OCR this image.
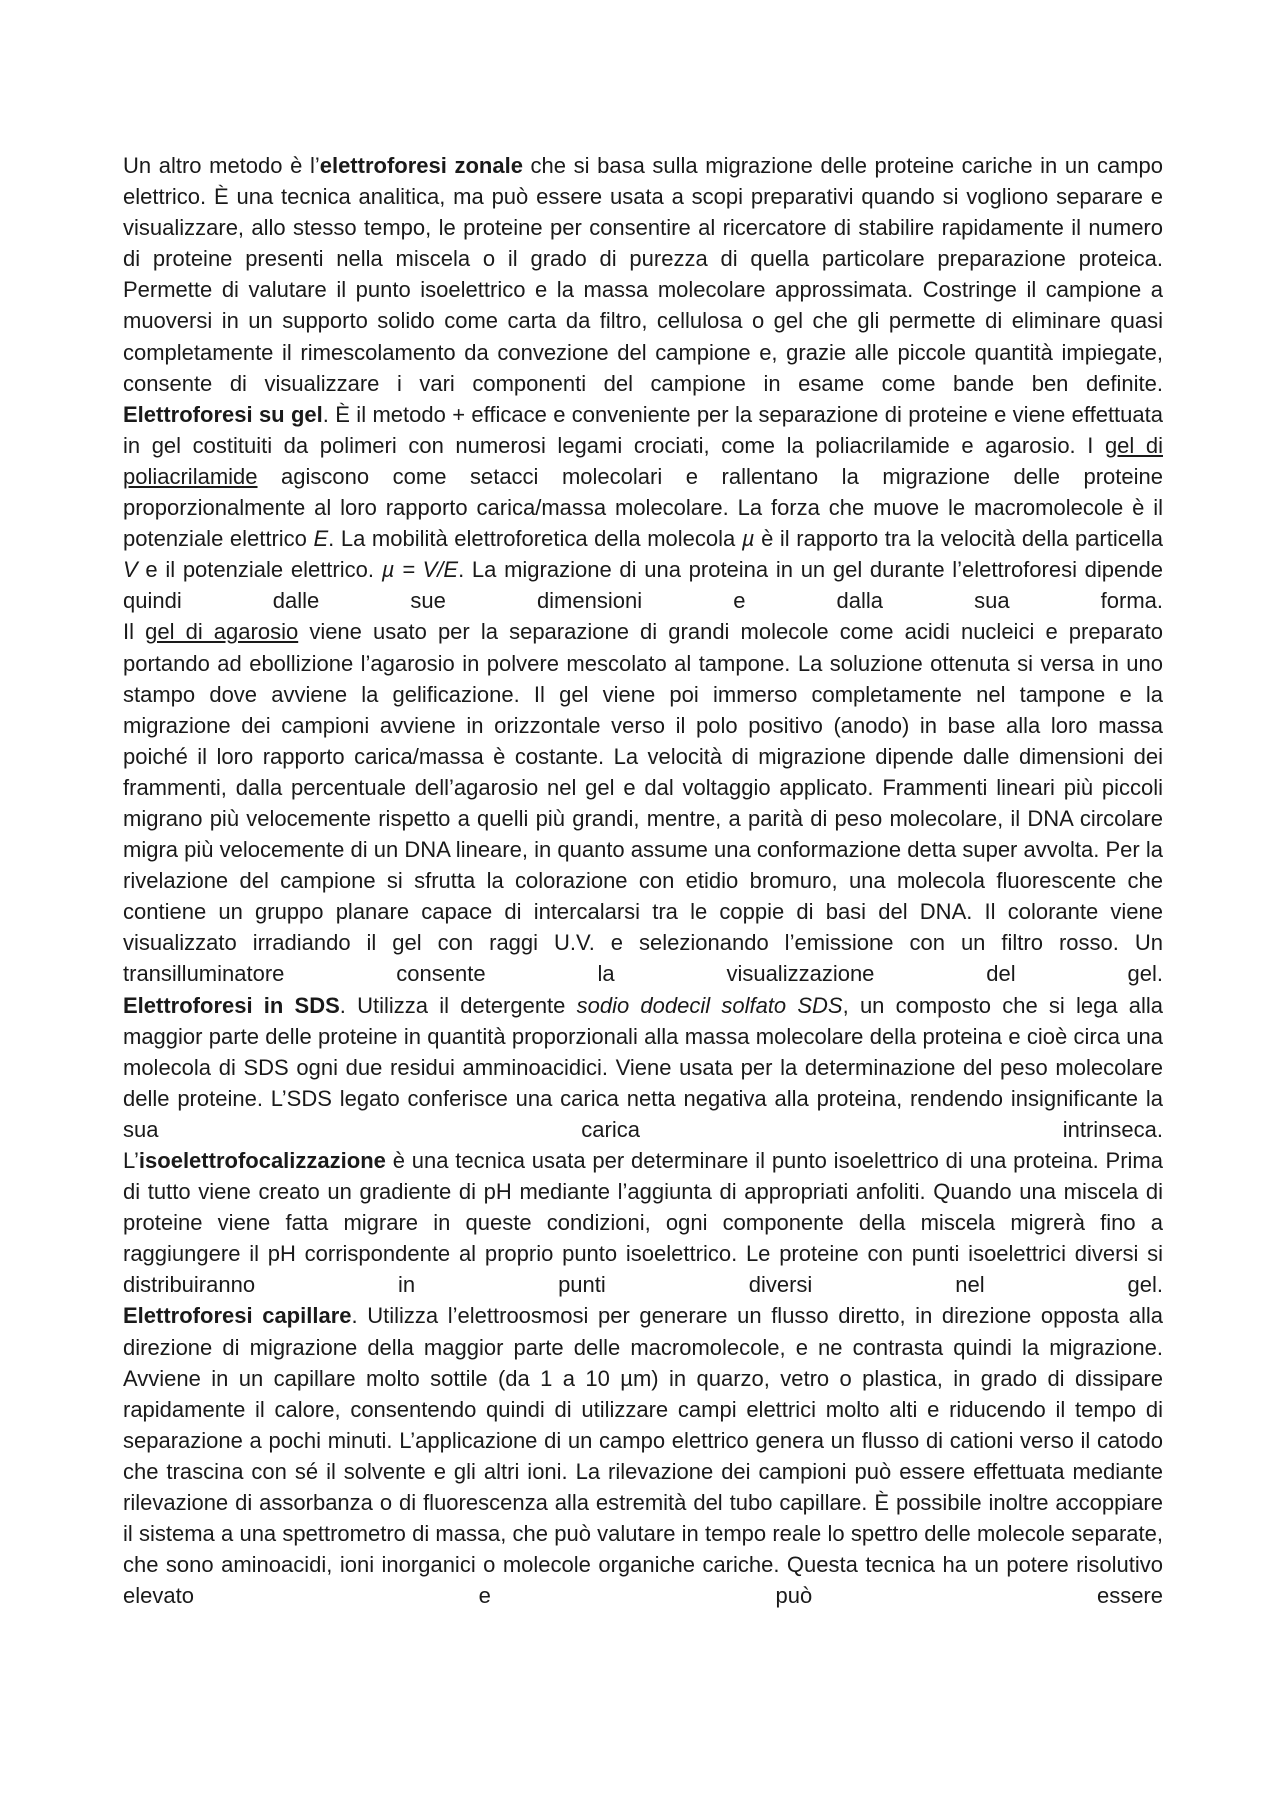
Un altro metodo è l’elettroforesi zonale che si basa sulla migrazione delle proteine cariche in un campo elettrico. È una tecnica analitica, ma può essere usata a scopi preparativi quando si vogliono separare e visualizzare, allo stesso tempo, le proteine per consentire al ricercatore di stabilire rapidamente il numero di proteine presenti nella miscela o il grado di purezza di quella particolare preparazione proteica. Permette di valutare il punto isoelettrico e la massa molecolare approssimata. Costringe il campione a muoversi in un supporto solido come carta da filtro, cellulosa o gel che gli permette di eliminare quasi completamente il rimescolamento da convezione del campione e, grazie alle piccole quantità impiegate, consente di visualizzare i vari componenti del campione in esame come bande ben definite.

Elettroforesi su gel. È il metodo + efficace e conveniente per la separazione di proteine e viene effettuata in gel costituiti da polimeri con numerosi legami crociati, come la poliacrilamide e agarosio. I gel di poliacrilamide agiscono come setacci molecolari e rallentano la migrazione delle proteine proporzionalmente al loro rapporto carica/massa molecolare. La forza che muove le macromolecole è il potenziale elettrico E. La mobilità elettroforetica della molecola µ è il rapporto tra la velocità della particella V e il potenziale elettrico. µ = V/E. La migrazione di una proteina in un gel durante l’elettroforesi dipende quindi dalle sue dimensioni e dalla sua forma.

Il gel di agarosio viene usato per la separazione di grandi molecole come acidi nucleici e preparato portando ad ebollizione l’agarosio in polvere mescolato al tampone. La soluzione ottenuta si versa in uno stampo dove avviene la gelificazione. Il gel viene poi immerso completamente nel tampone e la migrazione dei campioni avviene in orizzontale verso il polo positivo (anodo) in base alla loro massa poiché il loro rapporto carica/massa è costante. La velocità di migrazione dipende dalle dimensioni dei frammenti, dalla percentuale dell’agarosio nel gel e dal voltaggio applicato. Frammenti lineari più piccoli migrano più velocemente rispetto a quelli più grandi, mentre, a parità di peso molecolare, il DNA circolare migra più velocemente di un DNA lineare, in quanto assume una conformazione detta super avvolta. Per la rivelazione del campione si sfrutta la colorazione con etidio bromuro, una molecola fluorescente che contiene un gruppo planare capace di intercalarsi tra le coppie di basi del DNA. Il colorante viene visualizzato irradiando il gel con raggi U.V. e selezionando l’emissione con un filtro rosso. Un transilluminatore consente la visualizzazione del gel.

Elettroforesi in SDS. Utilizza il detergente sodio dodecil solfato SDS, un composto che si lega alla maggior parte delle proteine in quantità proporzionali alla massa molecolare della proteina e cioè circa una molecola di SDS ogni due residui amminoacidici. Viene usata per la determinazione del peso molecolare delle proteine. L’SDS legato conferisce una carica netta negativa alla proteina, rendendo insignificante la sua carica intrinseca.

L’isoelettrofocalizzazione è una tecnica usata per determinare il punto isoelettrico di una proteina. Prima di tutto viene creato un gradiente di pH mediante l’aggiunta di appropriati anfoliti. Quando una miscela di proteine viene fatta migrare in queste condizioni, ogni componente della miscela migrerà fino a raggiungere il pH corrispondente al proprio punto isoelettrico. Le proteine con punti isoelettrici diversi si distribuiranno in punti diversi nel gel.

Elettroforesi capillare. Utilizza l’elettroosmosi per generare un flusso diretto, in direzione opposta alla direzione di migrazione della maggior parte delle macromolecole, e ne contrasta quindi la migrazione. Avviene in un capillare molto sottile (da 1 a 10 µm) in quarzo, vetro o plastica, in grado di dissipare rapidamente il calore, consentendo quindi di utilizzare campi elettrici molto alti e riducendo il tempo di separazione a pochi minuti. L’applicazione di un campo elettrico genera un flusso di cationi verso il catodo che trascina con sé il solvente e gli altri ioni. La rilevazione dei campioni può essere effettuata mediante rilevazione di assorbanza o di fluorescenza alla estremità del tubo capillare. È possibile inoltre accoppiare il sistema a una spettrometro di massa, che può valutare in tempo reale lo spettro delle molecole separate, che sono aminoacidi, ioni inorganici o molecole organiche cariche. Questa tecnica ha un potere risolutivo elevato e può essere
